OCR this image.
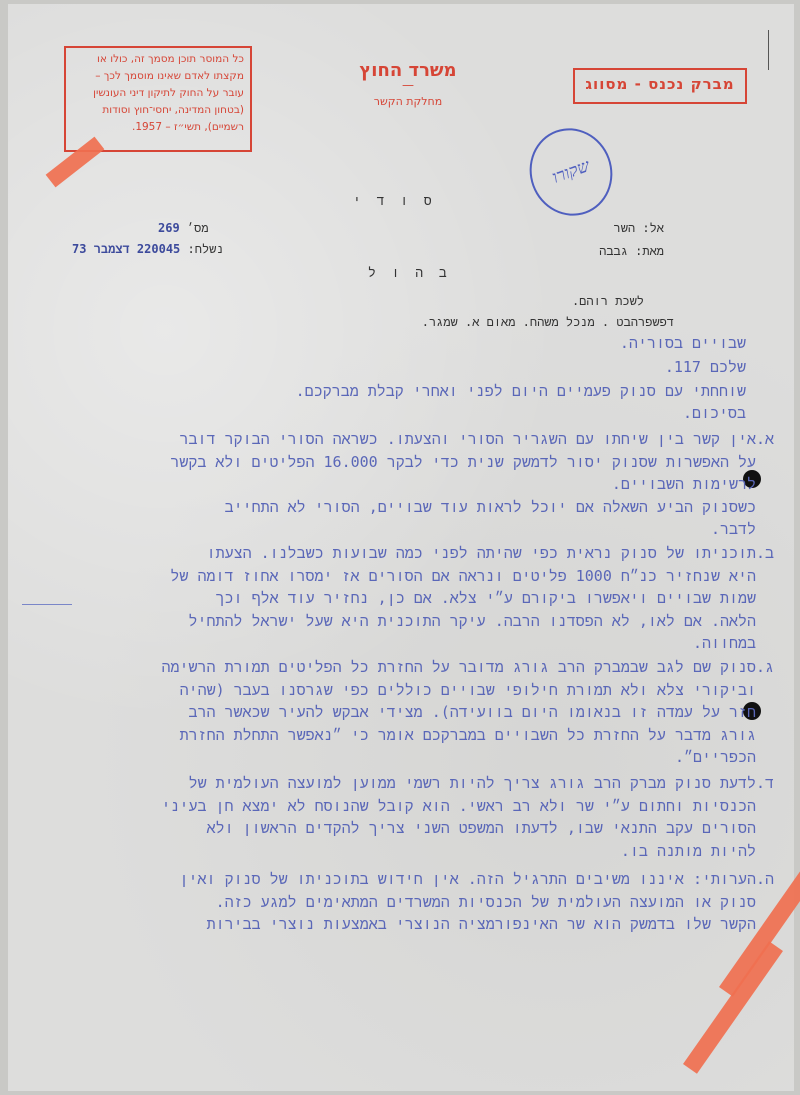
כל המוסר תוכן מסמך זה, כולו או מקצתו לאדם שאינו מוסמך לכך – עובר על החוק לתיקון דיני העונשין (בטחון המדינה, יחסי־חוץ וסודות רשמיים), תשי״ז – 1957.
משרד החוץ
—
מחלקת הקשר
מברק נכנס - מסווג
שקורו
ס ו ד י
מס׳ 269
נשלח: 220045 דצמבר 73
אל: השר
מאת: גבבה
ב ה ו ל
לשכת רוהם.
דפשפרהבט . מנכל משהח. מאום א. שמגר.
שבויים בסוריה.
שלכם 117.
שוחחתי עם סנוק פעמיים היום לפני ואחרי קבלת מברקכם.
בסיכום.
א.
אין קשר בין שיחתו עם השגריר הסורי והצעתו. כשראה הסורי הבוקר דובר
על האפשרות שסנוק יסור לדמשק שנית כדי לבקר 16.000 הפליטים ולא בקשר
לרשימות השבויים.
כשסנוק הביע השאלה אם יוכל לראות עוד שבויים, הסורי לא התחייב
לדבר.
ב.
תוכניתו של סנוק נראית כפי שהיתה לפני כמה שבועות כשבלנו. הצעתו
היא שנחזיר כנ״ח 1000 פליטים ונראה אם הסורים אז ימסרו אחוז דומה של
שמות שבויים ויאפשרו ביקורם ע״י צלא. אם כן, נחזיר עוד אלף וכך
הלאה. אם לאו, לא הפסדנו הרבה. עיקר התוכנית היא שעל ישראל להתחיל
במחווה.
ג.
סנוק שם לגב שבמברק הרב גורג מדובר על החזרת כל הפליטים תמורת הרשימה
וביקורי צלא ולא תמורת חילופי שבויים כוללים כפי שגרסנו בעבר (שהיה
חזר על עמדה זו בנאומו היום בוועידה). מצידי אבקש להעיר שכאשר הרב
גורג מדבר על החזרת כל השבויים במברקכם אומר כי ״נאפשר התחלת החזרת
הכפריים״.
ד.
לדעת סנוק מברק הרב גורג צריך להיות רשמי ממוען למועצה העולמית של
הכנסיות וחתום ע״י שר ולא רב ראשי. הוא קובל שהנוסח לא ימצא חן בעיני
הסורים עקב התנאי שבו, לדעתו המשפט השני צריך להקדים הראשון ולא
להיות מותנה בו.
ה.
הערותי: איננו משיבים התרגיל הזה. אין חידוש בתוכניתו של סנוק ואין
סנוק או המועצה העולמית של הכנסיות המשרדים המתאימים למגע כזה.
הקשר שלו בדמשק הוא שר האינפורמציה הנוצרי באמצעות נוצרי בבירות
